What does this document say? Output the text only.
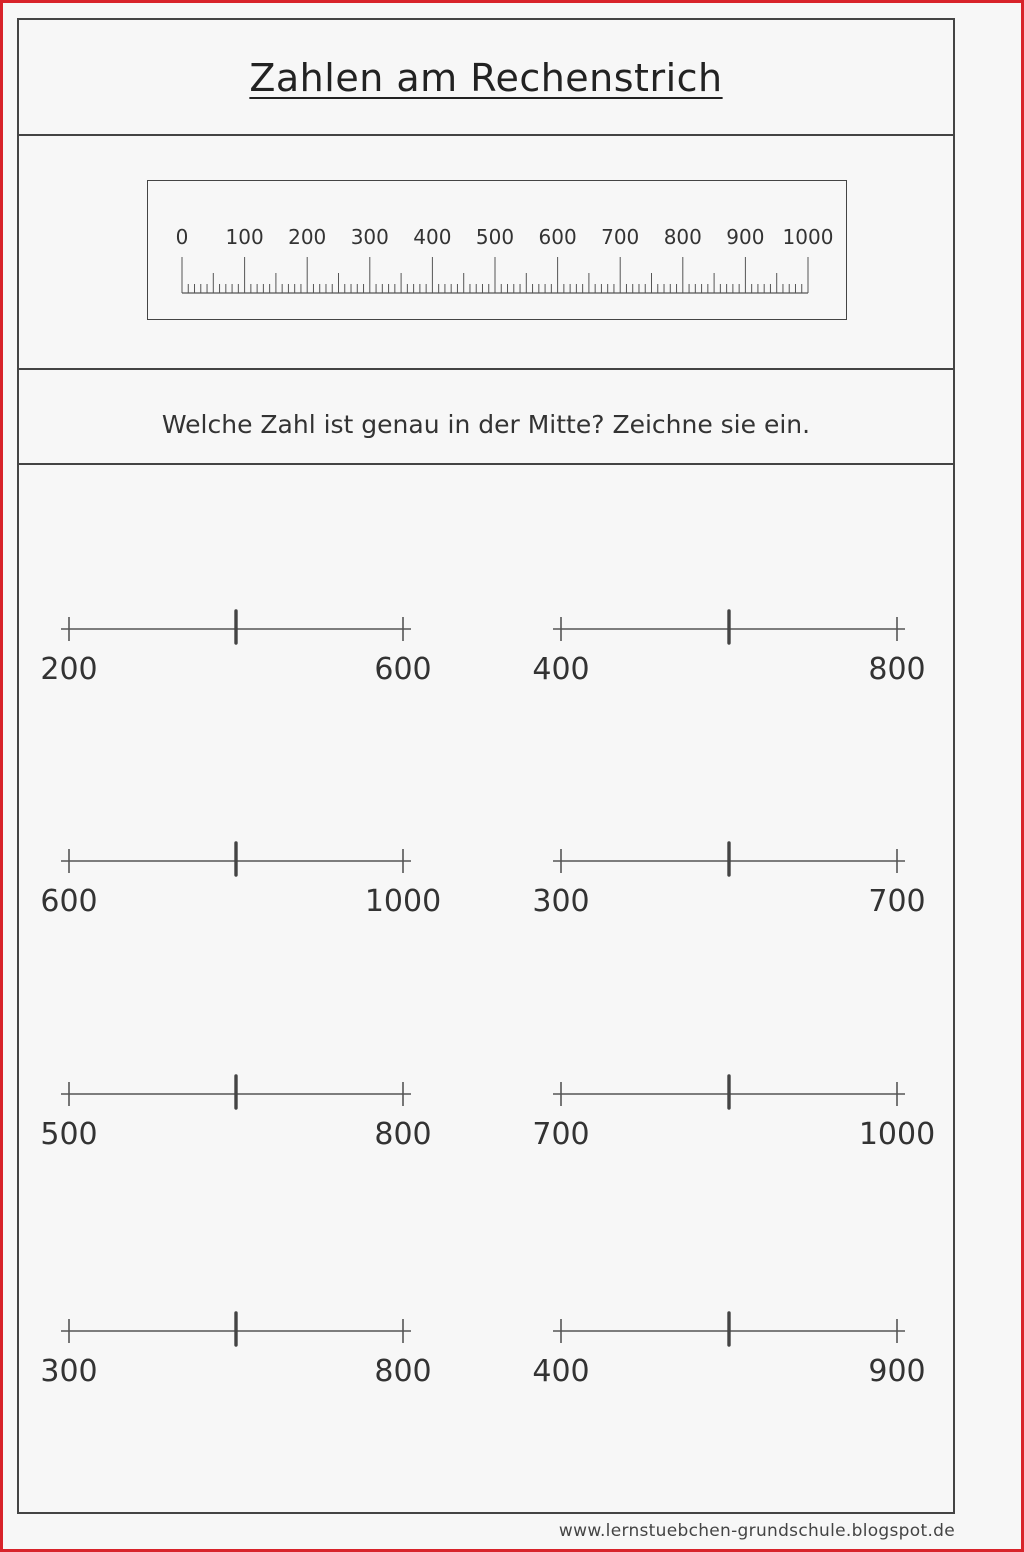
Zahlen am Rechenstrich
0 100 200 300 400 500 600 700 800 900 1000
Welche Zahl ist genau in der Mitte? Zeichne sie ein.
200	600	400	800
600	1000	300	700
500	800	700	1000
300	800	400	900
www.lernstuebchen-grundschule.blogspot.de
